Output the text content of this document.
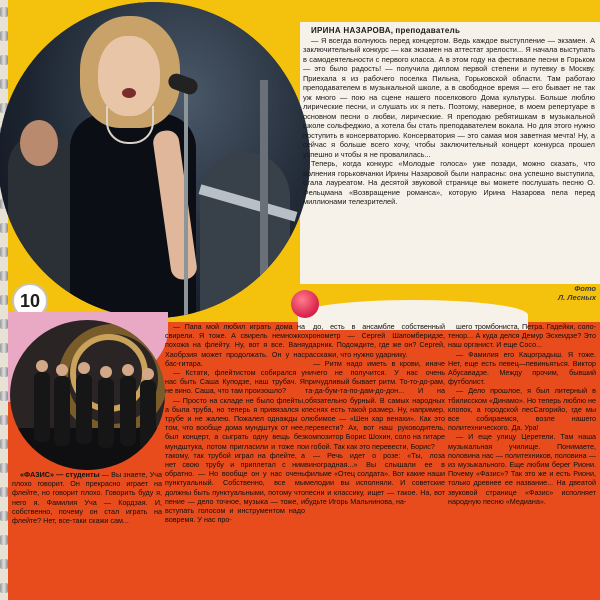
ИРИНА НАЗАРОВА, преподаватель

— Я всегда волнуюсь перед концертом. Ведь каждое выступление — экзамен. А заключительный конкурс — как экзамен на аттестат зрелости... Я начала выступать в самодеятельности с первого класса. А в этом году на фестивале песни в Горьком — это было радость! — получила диплом первой степени и путевку в Москву. Приехала я из рабочего поселка Пильна, Горьковской области. Там работаю преподавателем в музыкальной школе, а в свободное время — его бывает не так уж много — пою на сцене нашего поселкового Дома культуры. Больше люблю лирические песни, и слушать их я петь. Поэтому, наверное, в моем репертуаре в основном песни о любви, лирические. Я преподаю ребятишкам в музыкальной школе сольфеджио, а хотела бы стать преподавателем вокала. Но для этого нужно поступить в консерваторию. Консерватория — это самая моя заветная мечта! Ну, а сейчас я больше всего хочу, чтобы заключительный концерт конкурса прошел успешно и чтобы я не провалилась...

Теперь, когда конкурс «Молодые голоса» уже позади, можно сказать, что волнения горьковчанки Ирины Назаровой были напрасны: она успешно выступила, стала лауреатом. На десятой звуковой странице вы можете послушать песню О. Фельцмана «Возвращение романса», которую Ирина Назарова пела перед миллионами телезрителей.

Фото
Л. Лесных
10

«ФАЗИС» — студенты — Вы знаете, Уча плохо говорит. Он прекрасно играет на флейте, но говорит плохо. Говорить буду я, него я. Фамилия Уча — Кордзая. И, собственно, почему он стал играть на флейте? Нет, все-таки скажи сам...

— Папа мой любил играть дома на свирели. Я тоже. А свирель немножко похожа на флейту. Ну, вот я все. Ваня Хаобрзия может продолжать. Он у нас бас-гитара.

— Кстати, флейтистом собирался у нас быть Саша Куподзе, наш трубач. Я не вино. Саша, что там произошло?

— Просто на складе не было флейты, а была труба, но теперь я привязался к трубе и не жалею. Пожалел однажды о том, что вообще дома мундштук от нее, был концерт, а сыграть одну вещь без мундштука, потом пригласили и тоже по такому, так трубой играл на флейте, а нет свою трубу и приплетал с ним обратно. — Но вообще он у нас очень пунктуальный. Собственно, все мы должны быть пунктуальными, потому что пение — дело точное, музыка — тоже, и вступать голосом и инструментом надо вовремя. У нас про-

до, есть в ансамбле собственный хронометр — Сергей Шапомберидзе, ударник. Подождите, где же он? Сергей, расскажи, что нужно ударнику.

— Ритм надо иметь в крови, иначе ничего не получится. У нас очень причудливый бывает ритм. То-то-до-рам, та-да-бум-та-по-дам-до-дон... И на обязательно бурный. В самых народных песнях есть такой размер. Ну, например, любимое — «Шен хар венахи». Как это перевести? Ах, вот наш руководитель, композитор Борис Шохин, соло на гитаре и гобой. Так как это перевести, Борис?

— Речь идет о розе: «Ты, лоза виноградная...» Вы слышали ее в фильме «Отец солдата». Вот какие наши мелодии вы исполняли. И советские песни и классику, ищет — такое. На, вот будьте Игорь Мальнинова, на-

шего тромбониста, Петра. Гадейки, соло-тенор... А куда делся Демур Эсхеидзе? Это наш органист. И еще Сосо...

— Фамилия его Кацоградыш. Я тоже. Нет, еще есть певец—певиньяться. Виктор Абусавадзе. Между прочим, бывший футболист.

— Дело прошлое, я был литерный в тбилисском «Динамо». Но теперь люблю не клопок, а городской песСагорийо, где мы все собираемся, возле нашего политехнического. Да. Ура!

— И еще улицу Церетели. Там наша музыкальная училище. Понимаете, половина нас — политехников, половина — из музыкального. Еще любим берег Риони. Почему «Фазис»? Так это же и есть Риони, только древнее ее название... На двеатой звуковой странице «Фазис» исполняет народную песню «Медиана».
